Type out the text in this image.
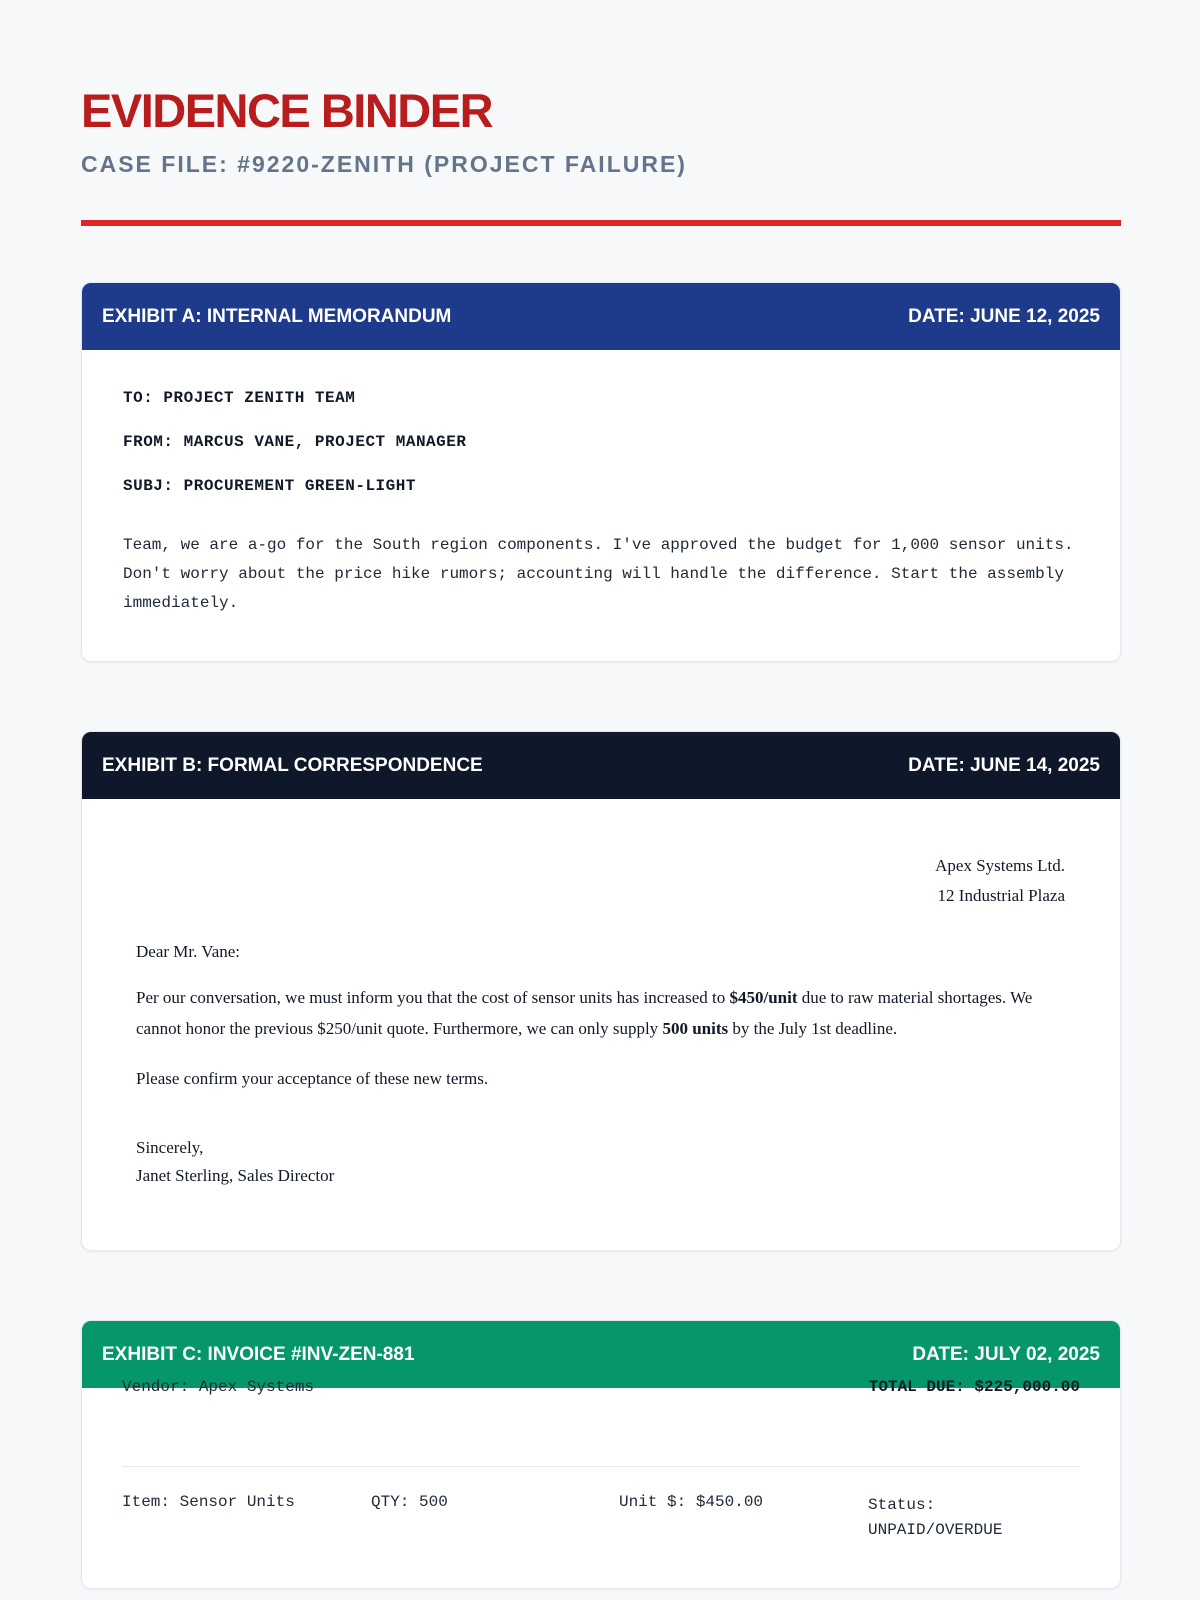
EVIDENCE BINDER
CASE FILE: #9220-ZENITH (PROJECT FAILURE)
EXHIBIT A: INTERNAL MEMORANDUM	DATE: JUNE 12, 2025
TO: PROJECT ZENITH TEAM
FROM: MARCUS VANE, PROJECT MANAGER
SUBJ: PROCUREMENT GREEN-LIGHT

Team, we are a-go for the South region components. I've approved the budget for 1,000 sensor units. Don't worry about the price hike rumors; accounting will handle the difference. Start the assembly immediately.

EXHIBIT B: FORMAL CORRESPONDENCE	DATE: JUNE 14, 2025
Apex Systems Ltd.
12 Industrial Plaza

Dear Mr. Vane:

Per our conversation, we must inform you that the cost of sensor units has increased to $450/unit due to raw material shortages. We cannot honor the previous $250/unit quote. Furthermore, we can only supply 500 units by the July 1st deadline.

Please confirm your acceptance of these new terms.

Sincerely,

Janet Sterling, Sales Director

EXHIBIT C: INVOICE #INV-ZEN-881	DATE: JULY 02, 2025
Vendor: Apex Systems	TOTAL DUE: $225,000.00
Item: Sensor Units	QTY: 500	Unit $: $450.00	Status:
UNPAID/OVERDUE
